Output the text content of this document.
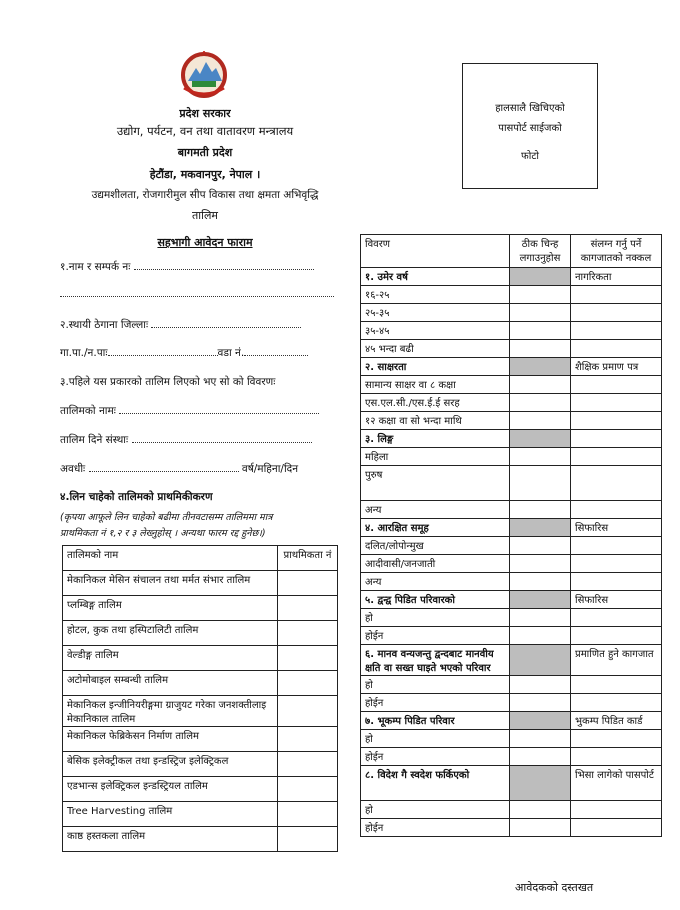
प्रदेश सरकार
उद्योग, पर्यटन, वन तथा वातावरण मन्त्रालय
बागमती प्रदेश
हेटौंडा, मकवानपुर, नेपाल ।
उद्यमशीलता, रोजगारीमुल सीप विकास तथा क्षमता अभिवृद्धि
तालिम
सहभागी आवेदन फाराम
हालसालै खिचिएको
पासपोर्ट साईजको
फोटो
१.नाम र सम्पर्क नः
२.स्थायी ठेगाना जिल्लाः
गा.पा./न.पाः	वडा नं.
३.पहिले यस प्रकारको तालिम लिएको भए सो को विवरणः
तालिमको नामः
तालिम दिने संस्थाः
अवधीः	वर्ष/महिना/दिन
४.लिन चाहेको तालिमको प्राथमिकीकरण
(कृपया आफूले लिन चाहेको बढीमा तीनवटासम्म तालिममा मात्र
प्राथमिकता नं १,२ र ३ लेख्नुहोस् । अन्यथा फारम रद्द हुनेछ।)
तालिमको नाम	प्राथमिकता नं
मेकानिकल मेसिन संचालन तथा मर्मत संभार तालिम	
प्लम्बिङ्ग तालिम	
होटल, कुक तथा हस्पिटालिटी तालिम	
वेल्डीङ्ग तालिम	
अटोमोबाइल सम्बन्धी तालिम	
मेकानिकल इन्जीनियरीङ्गमा ग्राजुयट गरेका जनशक्तीलाइ मेकानिकाल तालिम	
मेकानिकल फेब्रिकेसन निर्माण तालिम	
बेसिक इलेक्ट्रीकल तथा इन्डस्ट्रिज इलेक्ट्रिकल	
एडभान्स इलेक्ट्रिकल इन्डस्ट्रियल तालिम	
Tree Harvesting तालिम	
काष्ठ हस्तकला तालिम	
विवरण	ठीक चिन्ह लगाउनुहोस	संलग्न गर्नु पर्ने कागजातको नक्कल
१. उमेर वर्ष		नागरिकता
१६-२५		
२५-३५		
३५-४५		
४५ भन्दा बढी		
२. साक्षरता		शैक्षिक प्रमाण पत्र
सामान्य साक्षर वा ८ कक्षा		
एस.एल.सी./एस.ई.ई सरह		
१२ कक्षा वा सो भन्दा माथि		
३. लिङ्ग		
महिला		
पुरुष		
अन्य		
४. आरक्षित समूह		सिफारिस
दलित/लोपोन्मुख		
आदीवासी/जनजाती		
अन्य		
५. द्वन्द्व पिडित परिवारको		सिफारिस
हो		
होईन		
६. मानव वन्यजन्तु द्वन्दबाट मानवीय क्षति वा सख्त घाइते भएको परिवार		प्रमाणित हुने कागजात
हो		
होईन		
७. भूकम्प पिडित परिवार		भुकम्प पिडित कार्ड
हो		
होईन		
८. विदेश गै स्वदेश फर्किएको		भिसा लागेको पासपोर्ट
हो		
होईन		
आवेदकको दस्तखत
